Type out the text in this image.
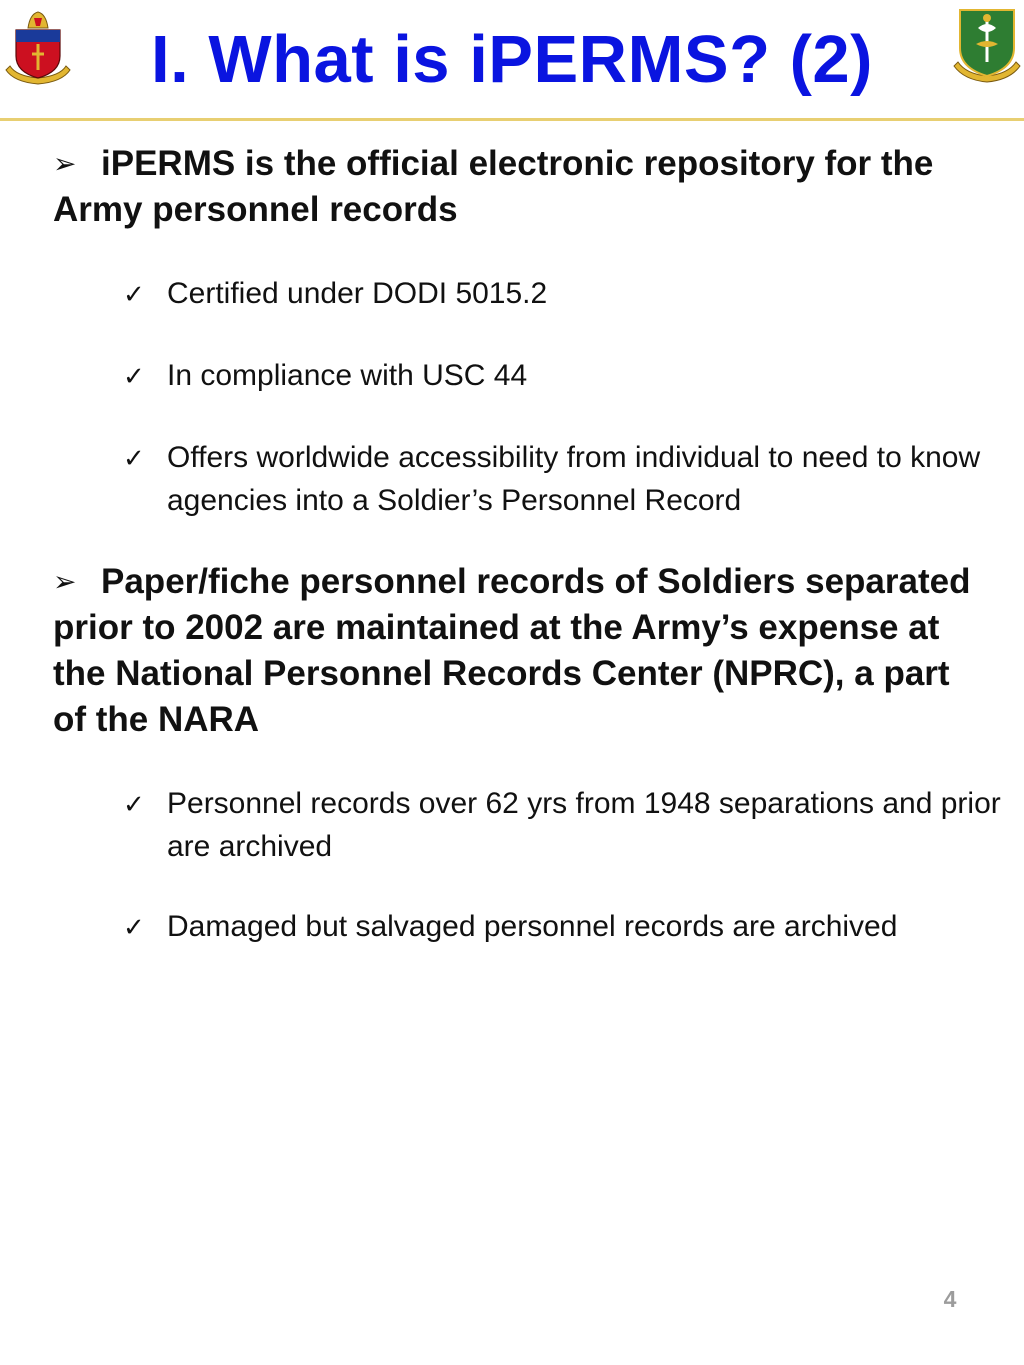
I. What is iPERMS? (2)
➢ iPERMS is the official electronic repository for the Army personnel records
✓ Certified under DODI 5015.2
✓ In compliance with USC 44
✓ Offers worldwide accessibility from individual to need to know agencies into a Soldier’s Personnel Record
➢ Paper/fiche personnel records of Soldiers separated prior to 2002 are maintained at the Army’s expense at the National Personnel Records Center (NPRC), a part of the NARA
✓ Personnel records over 62 yrs from 1948 separations and prior are archived
✓ Damaged but salvaged personnel records are archived
4
